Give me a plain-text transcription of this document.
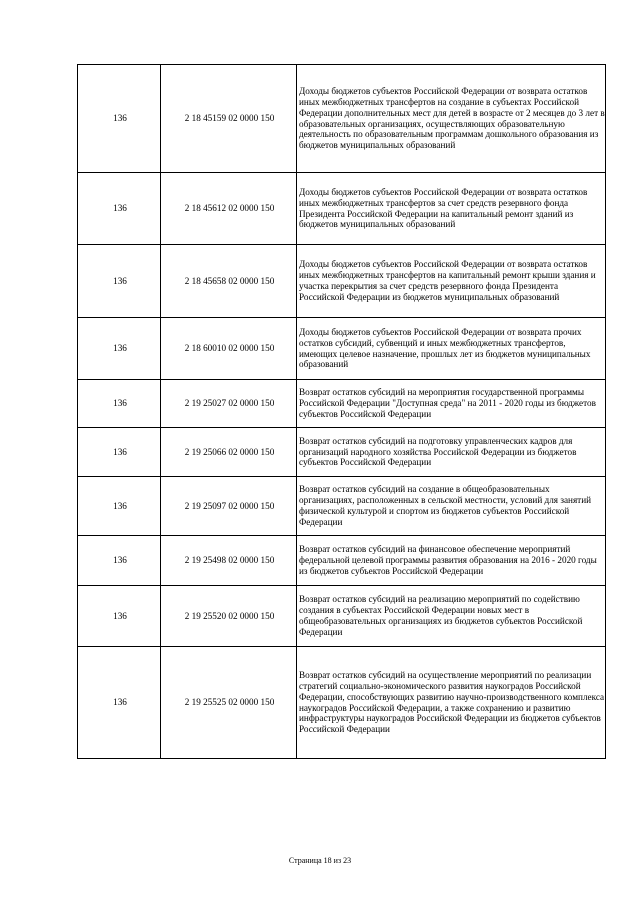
136	2 18 45159 02 0000 150	Доходы бюджетов субъектов Российской Федерации от возврата остатков иных межбюджетных трансфертов на создание в субъектах Российской Федерации дополнительных мест для детей в возрасте от 2 месяцев до 3 лет в образовательных организациях, осуществляющих образовательную деятельность по образовательным программам дошкольного образования из бюджетов муниципальных образований
136	2 18 45612 02 0000 150	Доходы бюджетов субъектов Российской Федерации от возврата остатков иных межбюджетных трансфертов за счет средств резервного фонда Президента Российской Федерации на капитальный ремонт зданий из бюджетов муниципальных образований
136	2 18 45658 02 0000 150	Доходы бюджетов субъектов Российской Федерации от возврата остатков иных межбюджетных трансфертов на капитальный ремонт крыши здания и участка перекрытия за счет средств резервного фонда Президента Российской Федерации из бюджетов муниципальных образований
136	2 18 60010 02 0000 150	Доходы бюджетов субъектов Российской Федерации от возврата прочих остатков субсидий, субвенций и иных межбюджетных трансфертов, имеющих целевое назначение, прошлых лет из бюджетов муниципальных образований
136	2 19 25027 02 0000 150	Возврат остатков субсидий на мероприятия государственной программы Российской Федерации "Доступная среда" на 2011 - 2020 годы из бюджетов субъектов Российской Федерации
136	2 19 25066 02 0000 150	Возврат остатков субсидий на подготовку управленческих кадров для организаций народного хозяйства Российской Федерации из бюджетов субъектов Российской Федерации
136	2 19 25097 02 0000 150	Возврат остатков субсидий на создание в общеобразовательных организациях, расположенных в сельской местности, условий для занятий физической культурой и спортом из бюджетов субъектов Российской Федерации
136	2 19 25498 02 0000 150	Возврат остатков субсидий на финансовое обеспечение мероприятий федеральной целевой программы развития образования на 2016 - 2020 годы из бюджетов субъектов Российской Федерации
136	2 19 25520 02 0000 150	Возврат остатков субсидий на реализацию мероприятий по содействию создания в субъектах Российской Федерации новых мест в общеобразовательных организациях из бюджетов субъектов Российской Федерации
136	2 19 25525 02 0000 150	Возврат остатков субсидий на осуществление мероприятий по реализации стратегий социально-экономического развития наукоградов Российской Федерации, способствующих развитию научно-производственного комплекса наукоградов Российской Федерации, а также сохранению и развитию инфраструктуры наукоградов Российской Федерации из бюджетов субъектов Российской Федерации
Страница 18 из 23
